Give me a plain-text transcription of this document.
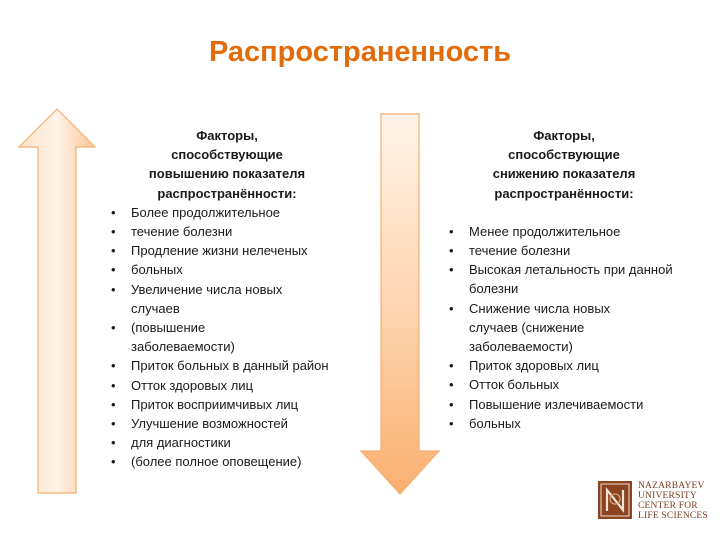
Распространенность
Факторы,
способствующие
повышению показателя
распространённости:
•	Более продолжительное
•	течение болезни
•	Продление жизни нелеченых
•	больных
•	Увеличение числа новых случаев
•	(повышение заболеваемости)
•	Приток больных в данный район
•	Отток здоровых лиц
•	Приток восприимчивых лиц
•	Улучшение возможностей
•	для диагностики
•	(более полное оповещение)
Факторы,
способствующие
снижению показателя
распространённости:
•	Менее продолжительное
•	течение болезни
•	Высокая летальность при данной болезни
•	Снижение числа новых случаев (снижение заболеваемости)
•	Приток здоровых лиц
•	Отток больных
•	Повышение излечиваемости
•	больных
NAZARBAYEV
UNIVERSITY
CENTER FOR
LIFE SCIENCES
